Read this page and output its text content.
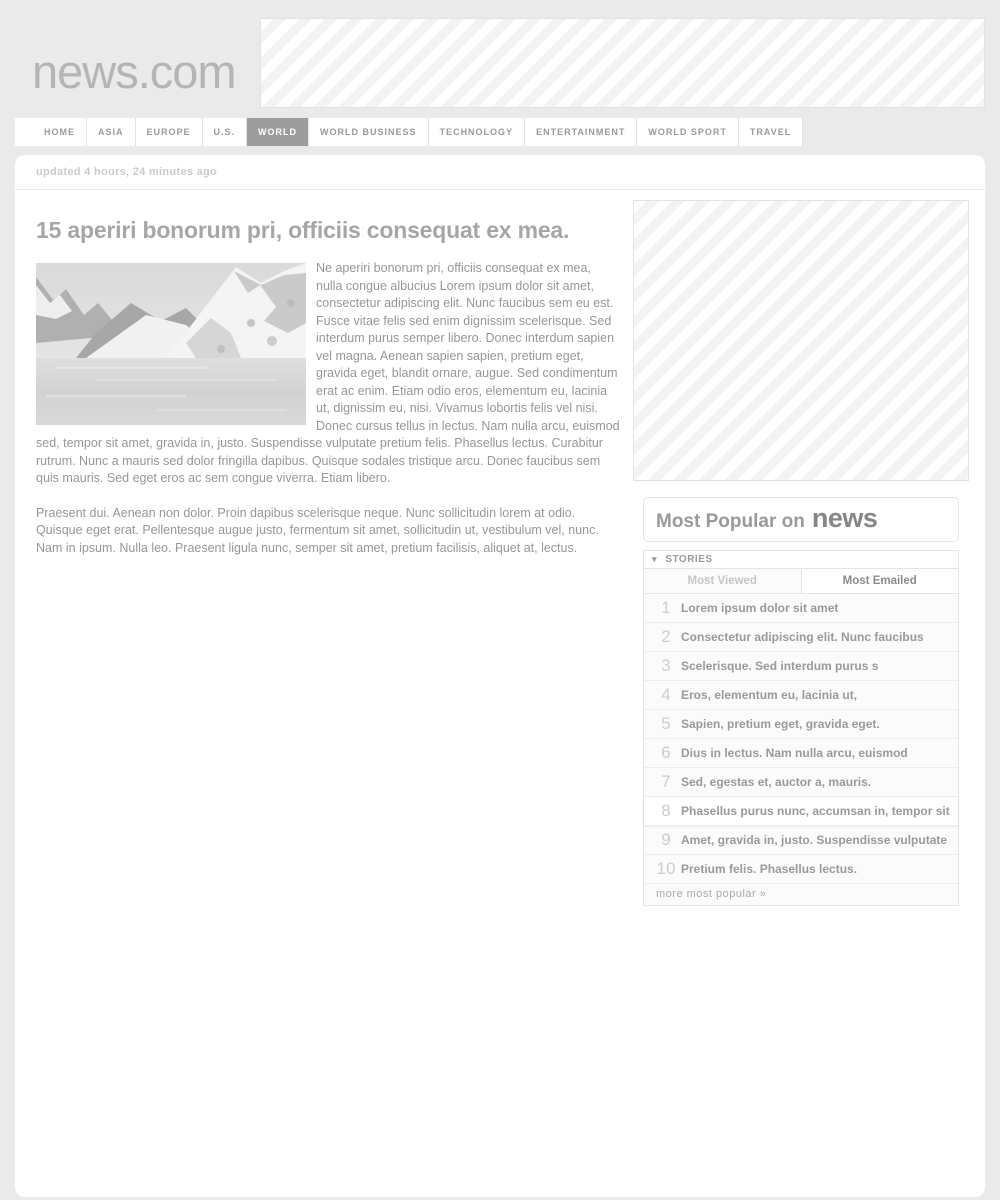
news.com
HOME	ASIA	EUROPE	U.S.	WORLD	WORLD BUSINESS	TECHNOLOGY	ENTERTAINMENT	WORLD SPORT	TRAVEL
updated 4 hours, 24 minutes ago
15 aperiri bonorum pri, officiis consequat ex mea.

Ne aperiri bonorum pri, officiis consequat ex mea, nulla congue albucius Lorem ipsum dolor sit amet, consectetur adipiscing elit. Nunc faucibus sem eu est. Fusce vitae felis sed enim dignissim scelerisque. Sed interdum purus semper libero. Donec interdum sapien vel magna. Aenean sapien sapien, pretium eget, gravida eget, blandit ornare, augue. Sed condimentum erat ac enim. Etiam odio eros, elementum eu, lacinia ut, dignissim eu, nisi. Vivamus lobortis felis vel nisi. Donec cursus tellus in lectus. Nam nulla arcu, euismod sed, tempor sit amet, gravida in, justo. Suspendisse vulputate pretium felis. Phasellus lectus. Curabitur rutrum. Nunc a mauris sed dolor fringilla dapibus. Quisque sodales tristique arcu. Donec faucibus sem quis mauris. Sed eget eros ac sem congue viverra. Etiam libero.

Praesent dui. Aenean non dolor. Proin dapibus scelerisque neque. Nunc sollicitudin lorem at odio. Quisque eget erat. Pellentesque augue justo, fermentum sit amet, sollicitudin ut, vestibulum vel, nunc. Nam in ipsum. Nulla leo. Praesent ligula nunc, semper sit amet, pretium facilisis, aliquet at, lectus.

Most Popular on news
▾ STORIES
Most Viewed	Most Emailed
1 Lorem ipsum dolor sit amet
2 Consectetur adipiscing elit. Nunc faucibus
3 Scelerisque. Sed interdum purus s
4 Eros, elementum eu, lacinia ut,
5 Sapien, pretium eget, gravida eget.
6 Dius in lectus. Nam nulla arcu, euismod
7 Sed, egestas et, auctor a, mauris.
8 Phasellus purus nunc, accumsan in, tempor sit
9 Amet, gravida in, justo. Suspendisse vulputate
10 Pretium felis. Phasellus lectus.
more most popular »
